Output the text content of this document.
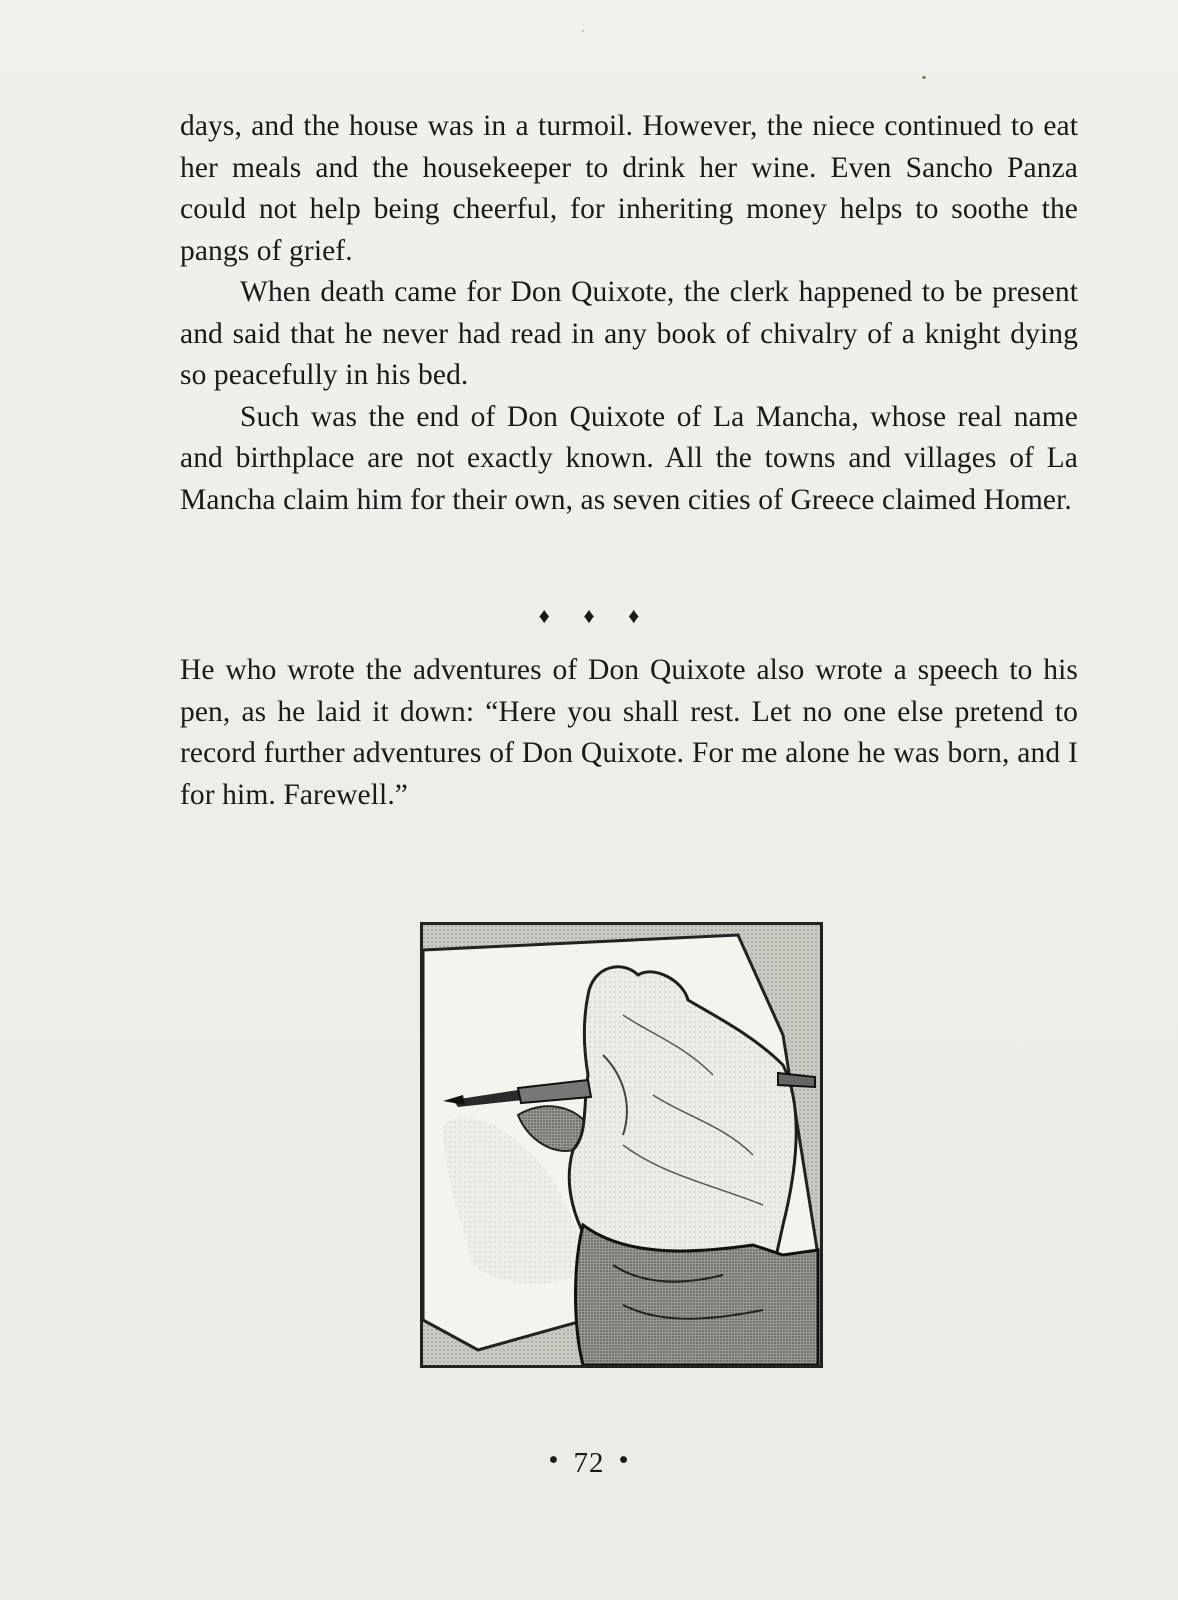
days, and the house was in a turmoil. However, the niece continued to eat her meals and the housekeeper to drink her wine. Even Sancho Panza could not help being cheerful, for inheriting money helps to soothe the pangs of grief.

When death came for Don Quixote, the clerk happened to be present and said that he never had read in any book of chivalry of a knight dying so peacefully in his bed.

Such was the end of Don Quixote of La Mancha, whose real name and birthplace are not exactly known. All the towns and villages of La Mancha claim him for their own, as seven cities of Greece claimed Homer.

♦ ♦ ♦

He who wrote the adventures of Don Quixote also wrote a speech to his pen, as he laid it down: “Here you shall rest. Let no one else pretend to record further adventures of Don Quixote. For me alone he was born, and I for him. Farewell.”

• 72 •
